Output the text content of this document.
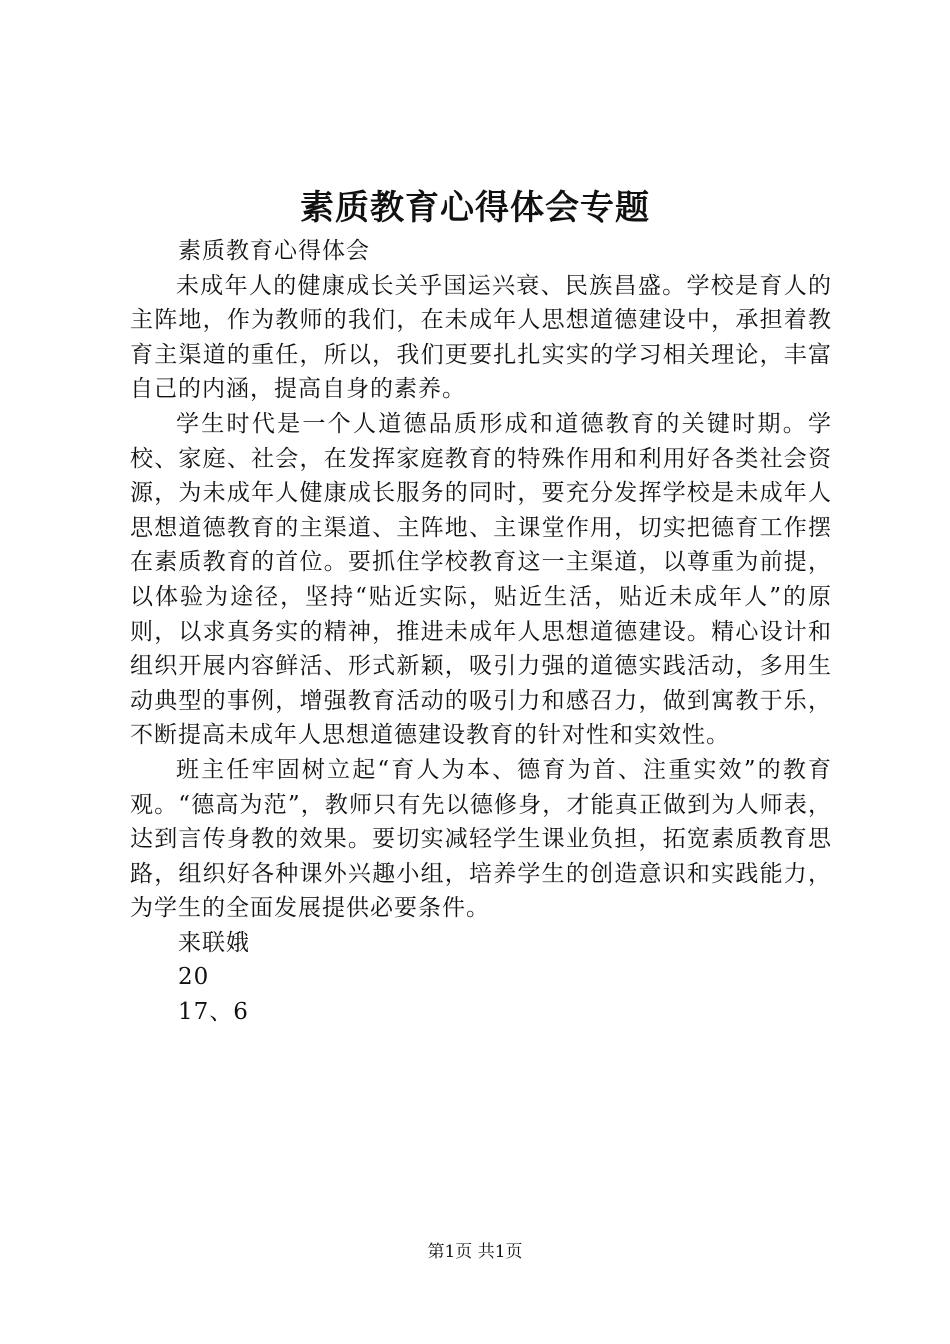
素质教育心得体会专题

素质教育心得体会

未成年人的健康成长关乎国运兴衰、民族昌盛。学校是育人的主阵地，作为教师的我们，在未成年人思想道德建设中，承担着教育主渠道的重任，所以，我们更要扎扎实实的学习相关理论，丰富自己的内涵，提高自身的素养。

学生时代是一个人道德品质形成和道德教育的关键时期。学校、家庭、社会，在发挥家庭教育的特殊作用和利用好各类社会资源，为未成年人健康成长服务的同时，要充分发挥学校是未成年人思想道德教育的主渠道、主阵地、主课堂作用，切实把德育工作摆在素质教育的首位。要抓住学校教育这一主渠道，以尊重为前提，以体验为途径，坚持“贴近实际，贴近生活，贴近未成年人”的原则，以求真务实的精神，推进未成年人思想道德建设。精心设计和组织开展内容鲜活、形式新颖，吸引力强的道德实践活动，多用生动典型的事例，增强教育活动的吸引力和感召力，做到寓教于乐，不断提高未成年人思想道德建设教育的针对性和实效性。

班主任牢固树立起“育人为本、德育为首、注重实效”的教育观。“德高为范”，教师只有先以德修身，才能真正做到为人师表，达到言传身教的效果。要切实减轻学生课业负担，拓宽素质教育思路，组织好各种课外兴趣小组，培养学生的创造意识和实践能力，为学生的全面发展提供必要条件。

来联娥

20

17、6

第1页 共1页
